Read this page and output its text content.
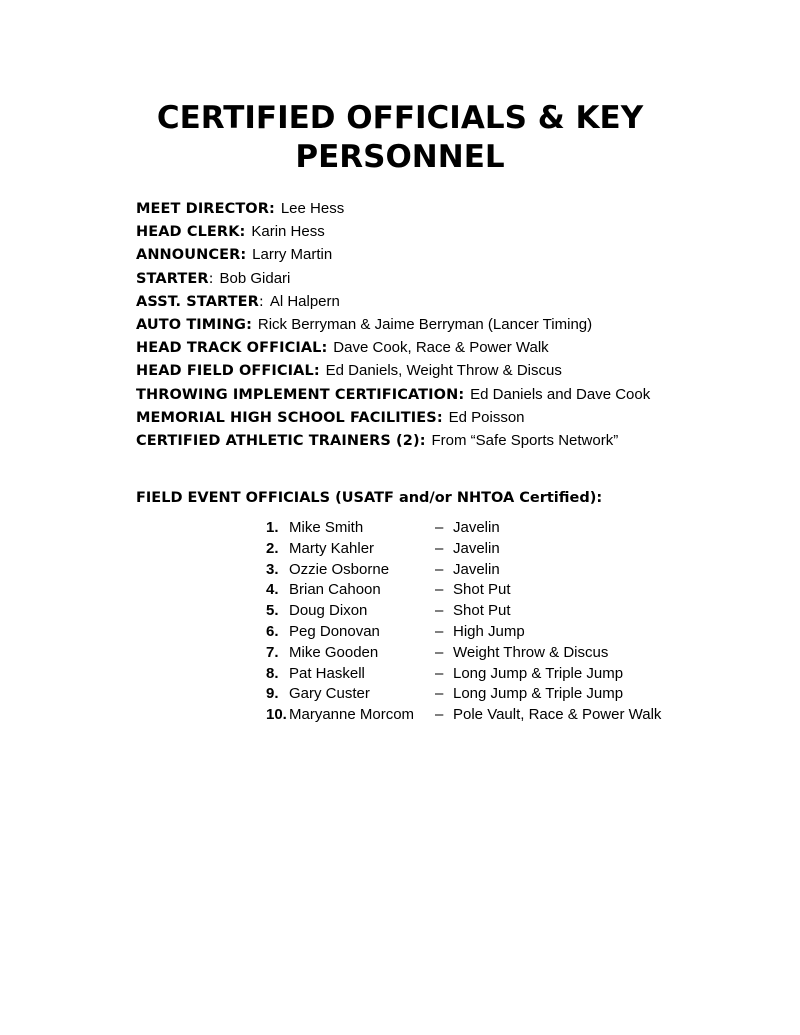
CERTIFIED OFFICIALS & KEY PERSONNEL
MEET DIRECTOR: Lee Hess
HEAD CLERK: Karin Hess
ANNOUNCER: Larry Martin
STARTER: Bob Gidari
ASST. STARTER: Al Halpern
AUTO TIMING: Rick Berryman & Jaime Berryman (Lancer Timing)
HEAD TRACK OFFICIAL: Dave Cook, Race & Power Walk
HEAD FIELD OFFICIAL: Ed Daniels, Weight Throw & Discus
THROWING IMPLEMENT CERTIFICATION: Ed Daniels and Dave Cook
MEMORIAL HIGH SCHOOL FACILITIES: Ed Poisson
CERTIFIED ATHLETIC TRAINERS (2): From “Safe Sports Network”
FIELD EVENT OFFICIALS (USATF and/or NHTOA Certified):
1. Mike Smith	– Javelin
2. Marty Kahler	– Javelin
3. Ozzie Osborne	– Javelin
4. Brian Cahoon	– Shot Put
5. Doug Dixon	– Shot Put
6. Peg Donovan	– High Jump
7. Mike Gooden	– Weight Throw & Discus
8. Pat Haskell	– Long Jump & Triple Jump
9. Gary Custer	– Long Jump & Triple Jump
10. Maryanne Morcom – Pole Vault, Race & Power Walk
